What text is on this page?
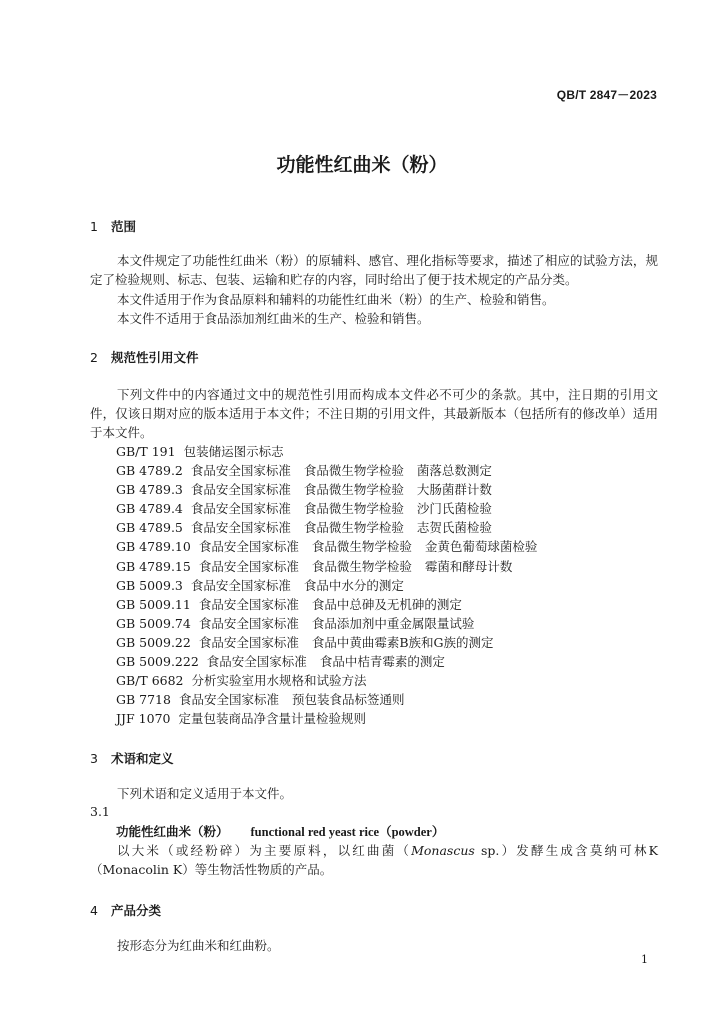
QB/T 2847－2023
功能性红曲米（粉）
1 范围
本文件规定了功能性红曲米（粉）的原辅料、感官、理化指标等要求，描述了相应的试验方法，规定了检验规则、标志、包装、运输和贮存的内容，同时给出了便于技术规定的产品分类。
本文件适用于作为食品原料和辅料的功能性红曲米（粉）的生产、检验和销售。
本文件不适用于食品添加剂红曲米的生产、检验和销售。
2 规范性引用文件
下列文件中的内容通过文中的规范性引用而构成本文件必不可少的条款。其中，注日期的引用文件，仅该日期对应的版本适用于本文件；不注日期的引用文件，其最新版本（包括所有的修改单）适用于本文件。
GB/T 191 包装储运图示标志
GB 4789.2 食品安全国家标准 食品微生物学检验 菌落总数测定
GB 4789.3 食品安全国家标准 食品微生物学检验 大肠菌群计数
GB 4789.4 食品安全国家标准 食品微生物学检验 沙门氏菌检验
GB 4789.5 食品安全国家标准 食品微生物学检验 志贺氏菌检验
GB 4789.10 食品安全国家标准 食品微生物学检验 金黄色葡萄球菌检验
GB 4789.15 食品安全国家标准 食品微生物学检验 霉菌和酵母计数
GB 5009.3 食品安全国家标准 食品中水分的测定
GB 5009.11 食品安全国家标准 食品中总砷及无机砷的测定
GB 5009.74 食品安全国家标准 食品添加剂中重金属限量试验
GB 5009.22 食品安全国家标准 食品中黄曲霉素B族和G族的测定
GB 5009.222 食品安全国家标准 食品中桔青霉素的测定
GB/T 6682 分析实验室用水规格和试验方法
GB 7718 食品安全国家标准 预包装食品标签通则
JJF 1070 定量包装商品净含量计量检验规则
3 术语和定义
下列术语和定义适用于本文件。
3.1
功能性红曲米（粉） functional red yeast rice（powder）
以大米（或经粉碎）为主要原料，以红曲菌（Monascus sp.）发酵生成含莫纳可林K（Monacolin K）等生物活性物质的产品。
4 产品分类
按形态分为红曲米和红曲粉。
1
